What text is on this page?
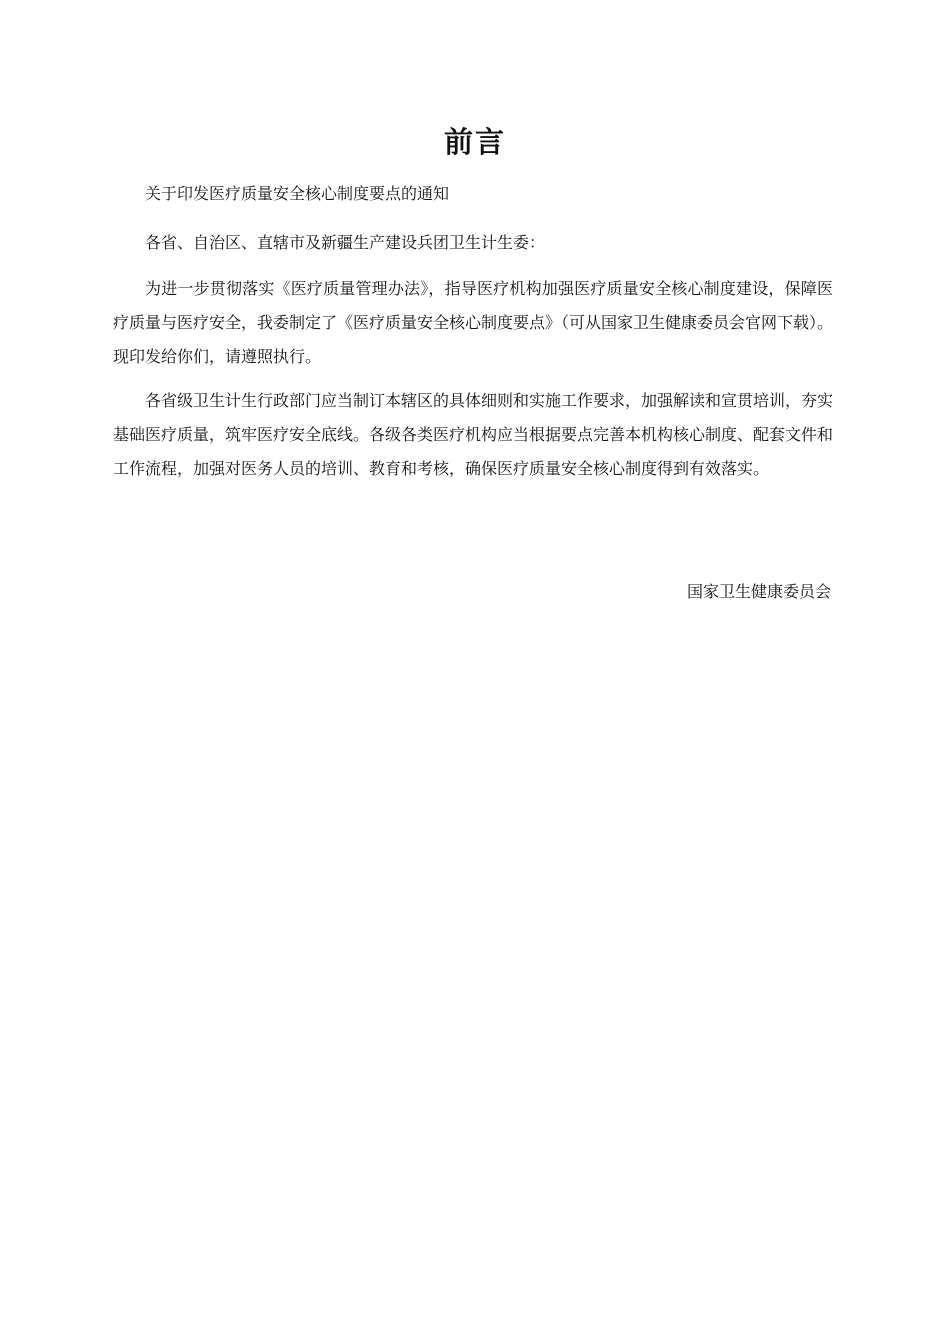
前言
关于印发医疗质量安全核心制度要点的通知
各省、自治区、直辖市及新疆生产建设兵团卫生计生委：
为进一步贯彻落实《医疗质量管理办法》，指导医疗机构加强医疗质量安全核心制度建设，保障医疗质量与医疗安全，我委制定了《医疗质量安全核心制度要点》（可从国家卫生健康委员会官网下载）。现印发给你们，请遵照执行。
各省级卫生计生行政部门应当制订本辖区的具体细则和实施工作要求，加强解读和宣贯培训，夯实基础医疗质量，筑牢医疗安全底线。各级各类医疗机构应当根据要点完善本机构核心制度、配套文件和工作流程，加强对医务人员的培训、教育和考核，确保医疗质量安全核心制度得到有效落实。
国家卫生健康委员会
